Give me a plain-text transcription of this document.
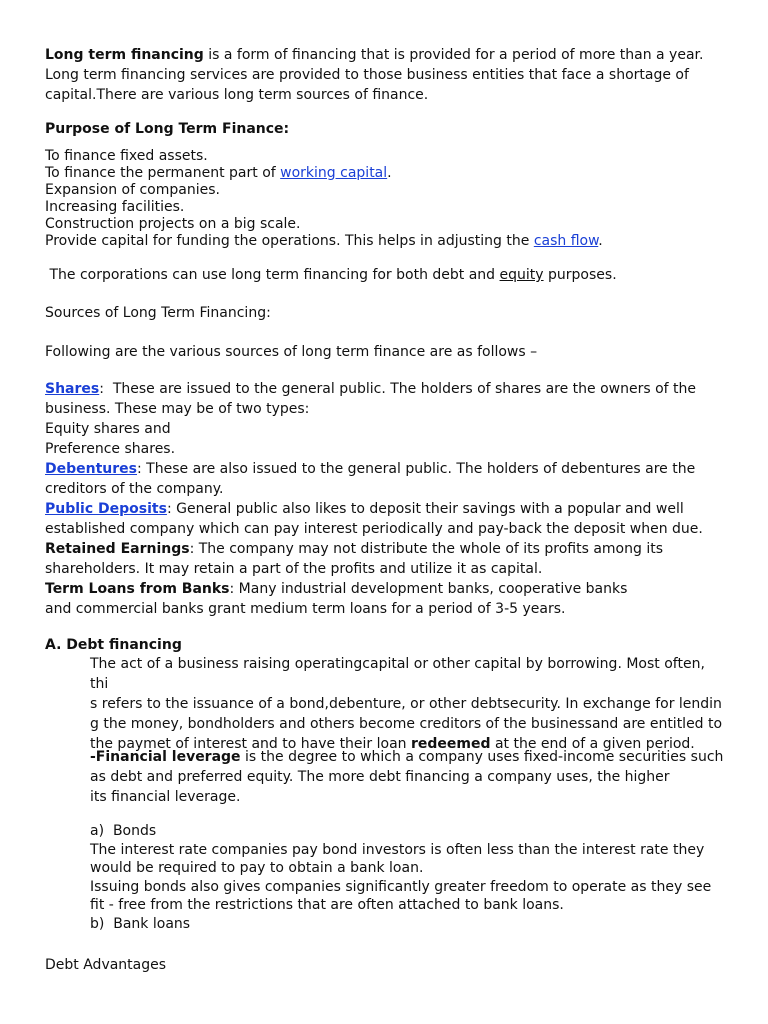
Long term financing is a form of financing that is provided for a period of more than a year.

Long term financing services are provided to those business entities that face a shortage of

capital.There are various long term sources of finance.

Purpose of Long Term Finance:

To finance fixed assets.

To finance the permanent part of working capital.

Expansion of companies.

Increasing facilities.

Construction projects on a big scale.

Provide capital for funding the operations. This helps in adjusting the cash flow.

The corporations can use long term financing for both debt and equity purposes.

Sources of Long Term Financing:

Following are the various sources of long term finance are as follows –

Shares:  These are issued to the general public. The holders of shares are the owners of the

business. These may be of two types:

Equity shares and

Preference shares.

Debentures: These are also issued to the general public. The holders of debentures are the

creditors of the company.

Public Deposits: General public also likes to deposit their savings with a popular and well

established company which can pay interest periodically and pay-back the deposit when due.

Retained Earnings: The company may not distribute the whole of its profits among its

shareholders. It may retain a part of the profits and utilize it as capital.

Term Loans from Banks: Many industrial development banks, cooperative banks

and commercial banks grant medium term loans for a period of 3-5 years.

A. Debt financing

The act of a business raising operatingcapital or other capital by borrowing. Most often, thi

s refers to the issuance of a bond,debenture, or other debtsecurity. In exchange for lendin

g the money, bondholders and others become creditors of the businessand are entitled to

the paymet of interest and to have their loan redeemed at the end of a given period.

-Financial leverage is the degree to which a company uses fixed-income securities such

as debt and preferred equity. The more debt financing a company uses, the higher

its financial leverage.

a)  Bonds

The interest rate companies pay bond investors is often less than the interest rate they

would be required to pay to obtain a bank loan.

Issuing bonds also gives companies significantly greater freedom to operate as they see

fit - free from the restrictions that are often attached to bank loans.

b)  Bank loans

Debt Advantages
